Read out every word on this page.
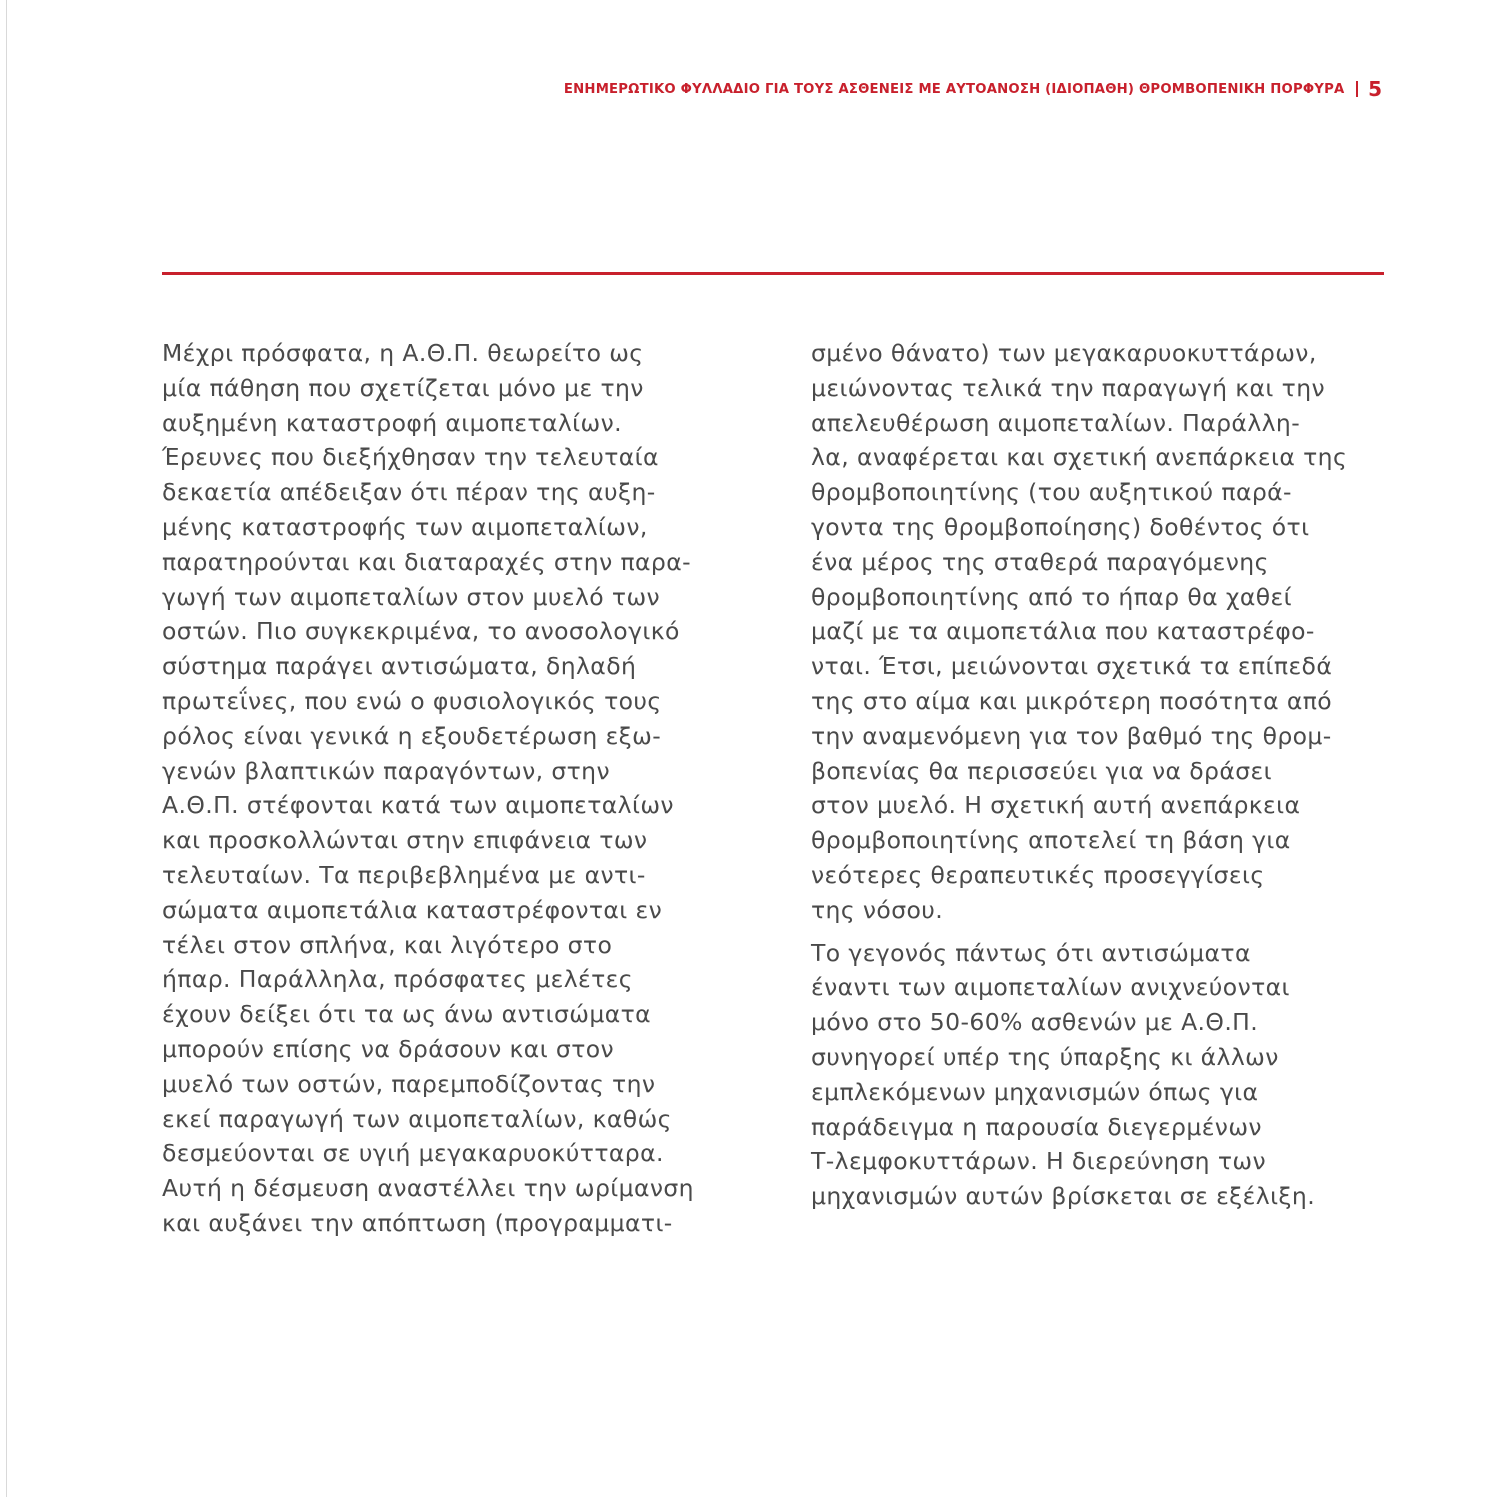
ΕΝΗΜΕΡΩΤΙΚΟ ΦΥΛΛΑΔΙΟ ΓΙΑ ΤΟΥΣ ΑΣΘΕΝΕΙΣ ΜΕ ΑΥΤΟΑΝΟΣΗ (ΙΔΙΟΠΑΘΗ) ΘΡΟΜΒΟΠΕΝΙΚΗ ΠΟΡΦΥΡΑ 5
Μέχρι πρόσφατα, η Α.Θ.Π. θεωρείτο ως
μία πάθηση που σχετίζεται μόνο με την
αυξημένη καταστροφή αιμοπεταλίων.
Έρευνες που διεξήχθησαν την τελευταία
δεκαετία απέδειξαν ότι πέραν της αυξη-
μένης καταστροφής των αιμοπεταλίων,
παρατηρούνται και διαταραχές στην παρα-
γωγή των αιμοπεταλίων στον μυελό των
οστών. Πιο συγκεκριμένα, το ανοσολογικό
σύστημα παράγει αντισώματα, δηλαδή
πρωτεΐνες, που ενώ ο φυσιολογικός τους
ρόλος είναι γενικά η εξουδετέρωση εξω-
γενών βλαπτικών παραγόντων, στην
Α.Θ.Π. στέφονται κατά των αιμοπεταλίων
και προσκολλώνται στην επιφάνεια των
τελευταίων. Τα περιβεβλημένα με αντι-
σώματα αιμοπετάλια καταστρέφονται εν
τέλει στον σπλήνα, και λιγότερο στο
ήπαρ. Παράλληλα, πρόσφατες μελέτες
έχουν δείξει ότι τα ως άνω αντισώματα
μπορούν επίσης να δράσουν και στον
μυελό των οστών, παρεμποδίζοντας την
εκεί παραγωγή των αιμοπεταλίων, καθώς
δεσμεύονται σε υγιή μεγακαρυοκύτταρα.
Αυτή η δέσμευση αναστέλλει την ωρίμανση
και αυξάνει την απόπτωση (προγραμματι-
σμένο θάνατο) των μεγακαρυοκυττάρων,
μειώνοντας τελικά την παραγωγή και την
απελευθέρωση αιμοπεταλίων. Παράλλη-
λα, αναφέρεται και σχετική ανεπάρκεια της
θρομβοποιητίνης (του αυξητικού παρά-
γοντα της θρομβοποίησης) δοθέντος ότι
ένα μέρος της σταθερά παραγόμενης
θρομβοποιητίνης από το ήπαρ θα χαθεί
μαζί με τα αιμοπετάλια που καταστρέφο-
νται. Έτσι, μειώνονται σχετικά τα επίπεδά
της στο αίμα και μικρότερη ποσότητα από
την αναμενόμενη για τον βαθμό της θρομ-
βοπενίας θα περισσεύει για να δράσει
στον μυελό. Η σχετική αυτή ανεπάρκεια
θρομβοποιητίνης αποτελεί τη βάση για
νεότερες θεραπευτικές προσεγγίσεις
της νόσου.
Το γεγονός πάντως ότι αντισώματα
έναντι των αιμοπεταλίων ανιχνεύονται
μόνο στο 50-60% ασθενών με Α.Θ.Π.
συνηγορεί υπέρ της ύπαρξης κι άλλων
εμπλεκόμενων μηχανισμών όπως για
παράδειγμα η παρουσία διεγερμένων
Τ-λεμφοκυττάρων. Η διερεύνηση των
μηχανισμών αυτών βρίσκεται σε εξέλιξη.
